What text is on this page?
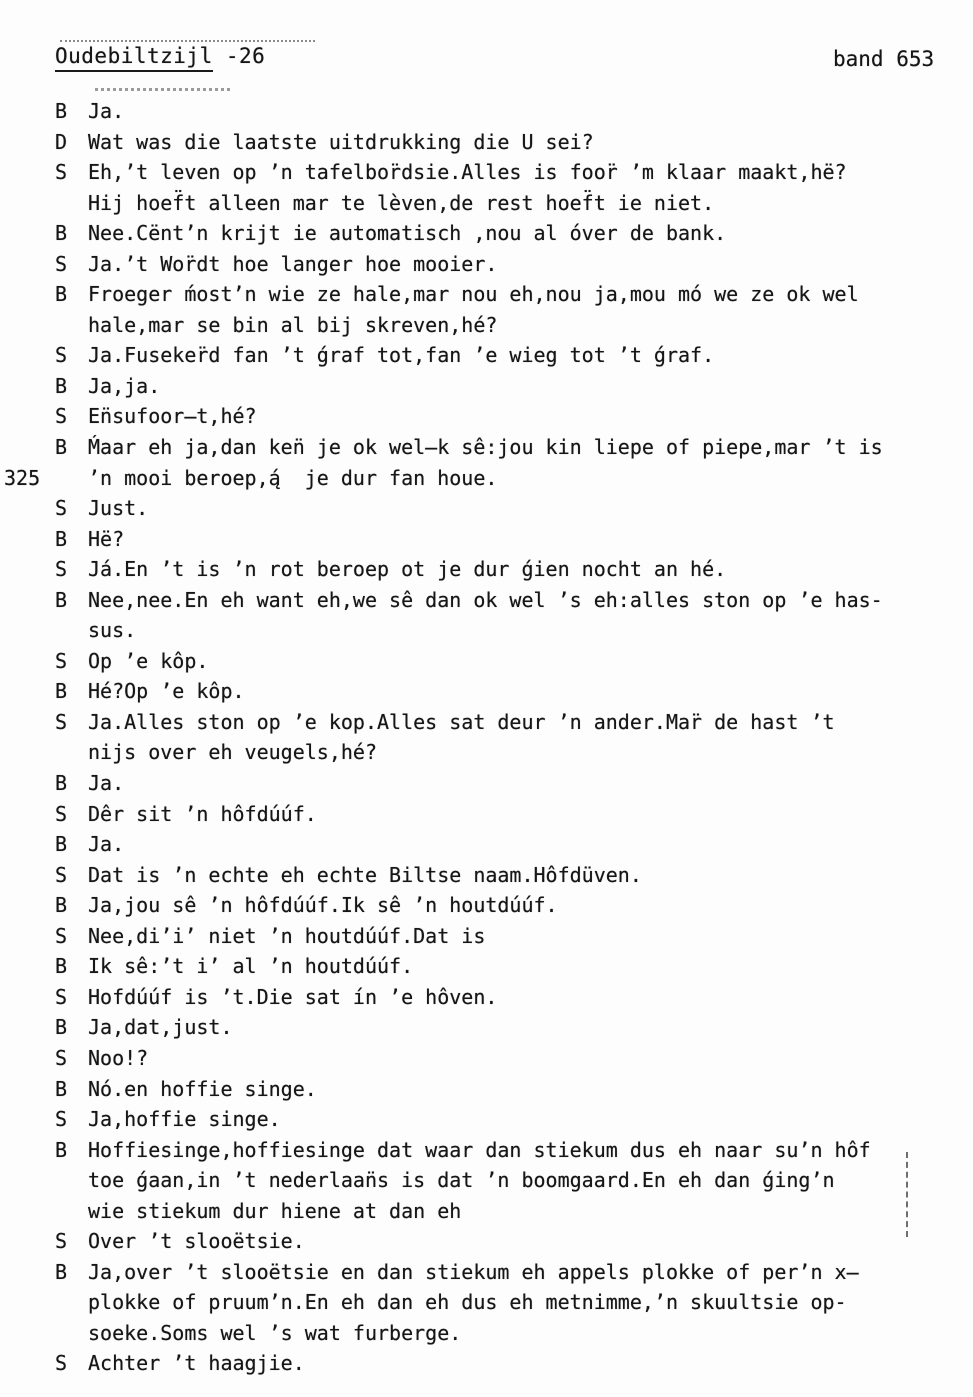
Oudebiltzijl -26	band 653
B	Ja.
D	Wat was die laatste uitdrukking die U sei?
S	Eh,’t leven op ’n tafelbor̈dsie.Alles is foor̈ ’m klaar maakt,hë?
Hij hoef̈t alleen mar te lèven,de rest hoef̈t ie niet.
B	Nee.Cënt’n krijt ie automatisch ,nou al óver de bank.
S	Ja.’t Wor̈dt hoe langer hoe mooier.
B	Froeger ḿost’n wie ze hale,mar nou eh,nou ja,mou mó we ze ok wel
hale,mar se bin al bij skreven,hé?
S	Ja.Fuseker̈d fan ’t ǵraf tot,fan ’e wieg tot ’t ǵraf.
B	Ja,ja.
S	En̈sufoor̶t,hé?
B	Ḿaar eh ja,dan ken̈ je ok wel̶k sê:jou kin liepe of piepe,mar ’t is
325 ’n mooi beroep,ą́  je dur fan houe.
S	Just.
B	Hë?
S	Já.En ’t is ’n rot beroep ot je dur ǵien nocht an hé.
B	Nee,nee.En eh want eh,we sê dan ok wel ’s eh:alles ston op ’e has-
sus.
S	Op ’e kôp.
B	Hé?Op ’e kôp.
S	Ja.Alles ston op ’e kop.Alles sat deur ’n ander.Mar̈ de hast ’t
nijs over eh veugels,hé?
B	Ja.
S	Dêr sit ’n hôfdúúf.
B	Ja.
S	Dat is ’n echte eh echte Biltse naam.Hôfdüven.
B	Ja,jou sê ’n hôfdúúf.Ik sê ’n houtdúúf.
S	Nee,di’i’ niet ’n houtdúúf.Dat is
B	Ik sê:’t i’ al ’n houtdúúf.
S	Hofdúúf is ’t.Die sat ín ’e hôven.
B	Ja,dat,just.
S	Noo!?
B	Nó.en hoffie singe.
S	Ja,hoffie singe.
B	Hoffiesinge,hoffiesinge dat waar dan stiekum dus eh naar su’n hôf
toe ǵaan,in ’t nederlaan̈s is dat ’n boomgaard.En eh dan ǵing’n
wie stiekum dur hiene at dan eh
S	Over ’t slooëtsie.
B	Ja,over ’t slooëtsie en dan stiekum eh appels plokke of per’n x̶
plokke of pruum’n.En eh dan eh dus eh metnimme,’n skuultsie op-
soeke.Soms wel ’s wat furberge.
S	Achter ’t haagjie.
